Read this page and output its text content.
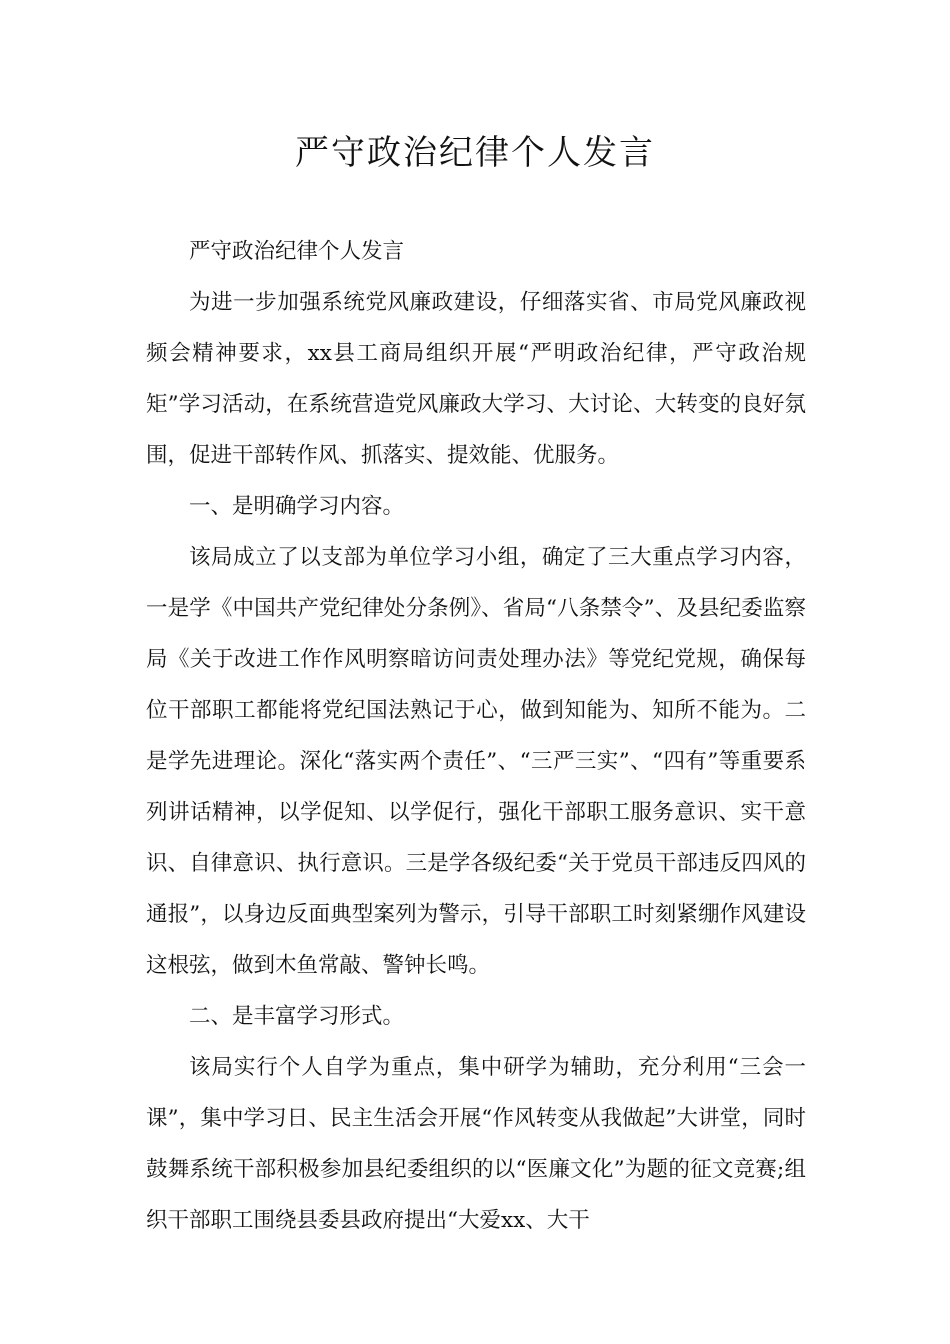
严守政治纪律个人发言

严守政治纪律个人发言

为进一步加强系统党风廉政建设，仔细落实省、市局党风廉政视频会精神要求，xx县工商局组织开展“严明政治纪律，严守政治规矩”学习活动，在系统营造党风廉政大学习、大讨论、大转变的良好氛围，促进干部转作风、抓落实、提效能、优服务。

一、是明确学习内容。

该局成立了以支部为单位学习小组，确定了三大重点学习内容，一是学《中国共产党纪律处分条例》、省局“八条禁令”、及县纪委监察局《关于改进工作作风明察暗访问责处理办法》等党纪党规，确保每位干部职工都能将党纪国法熟记于心，做到知能为、知所不能为。二是学先进理论。深化“落实两个责任”、“三严三实”、“四有”等重要系列讲话精神，以学促知、以学促行，强化干部职工服务意识、实干意识、自律意识、执行意识。三是学各级纪委“关于党员干部违反四风的通报”，以身边反面典型案列为警示，引导干部职工时刻紧绷作风建设这根弦，做到木鱼常敲、警钟长鸣。

二、是丰富学习形式。

该局实行个人自学为重点，集中研学为辅助，充分利用“三会一课”，集中学习日、民主生活会开展“作风转变从我做起”大讲堂，同时鼓舞系统干部积极参加县纪委组织的以“医廉文化”为题的征文竞赛;组织干部职工围绕县委县政府提出“大爱xx、大干
